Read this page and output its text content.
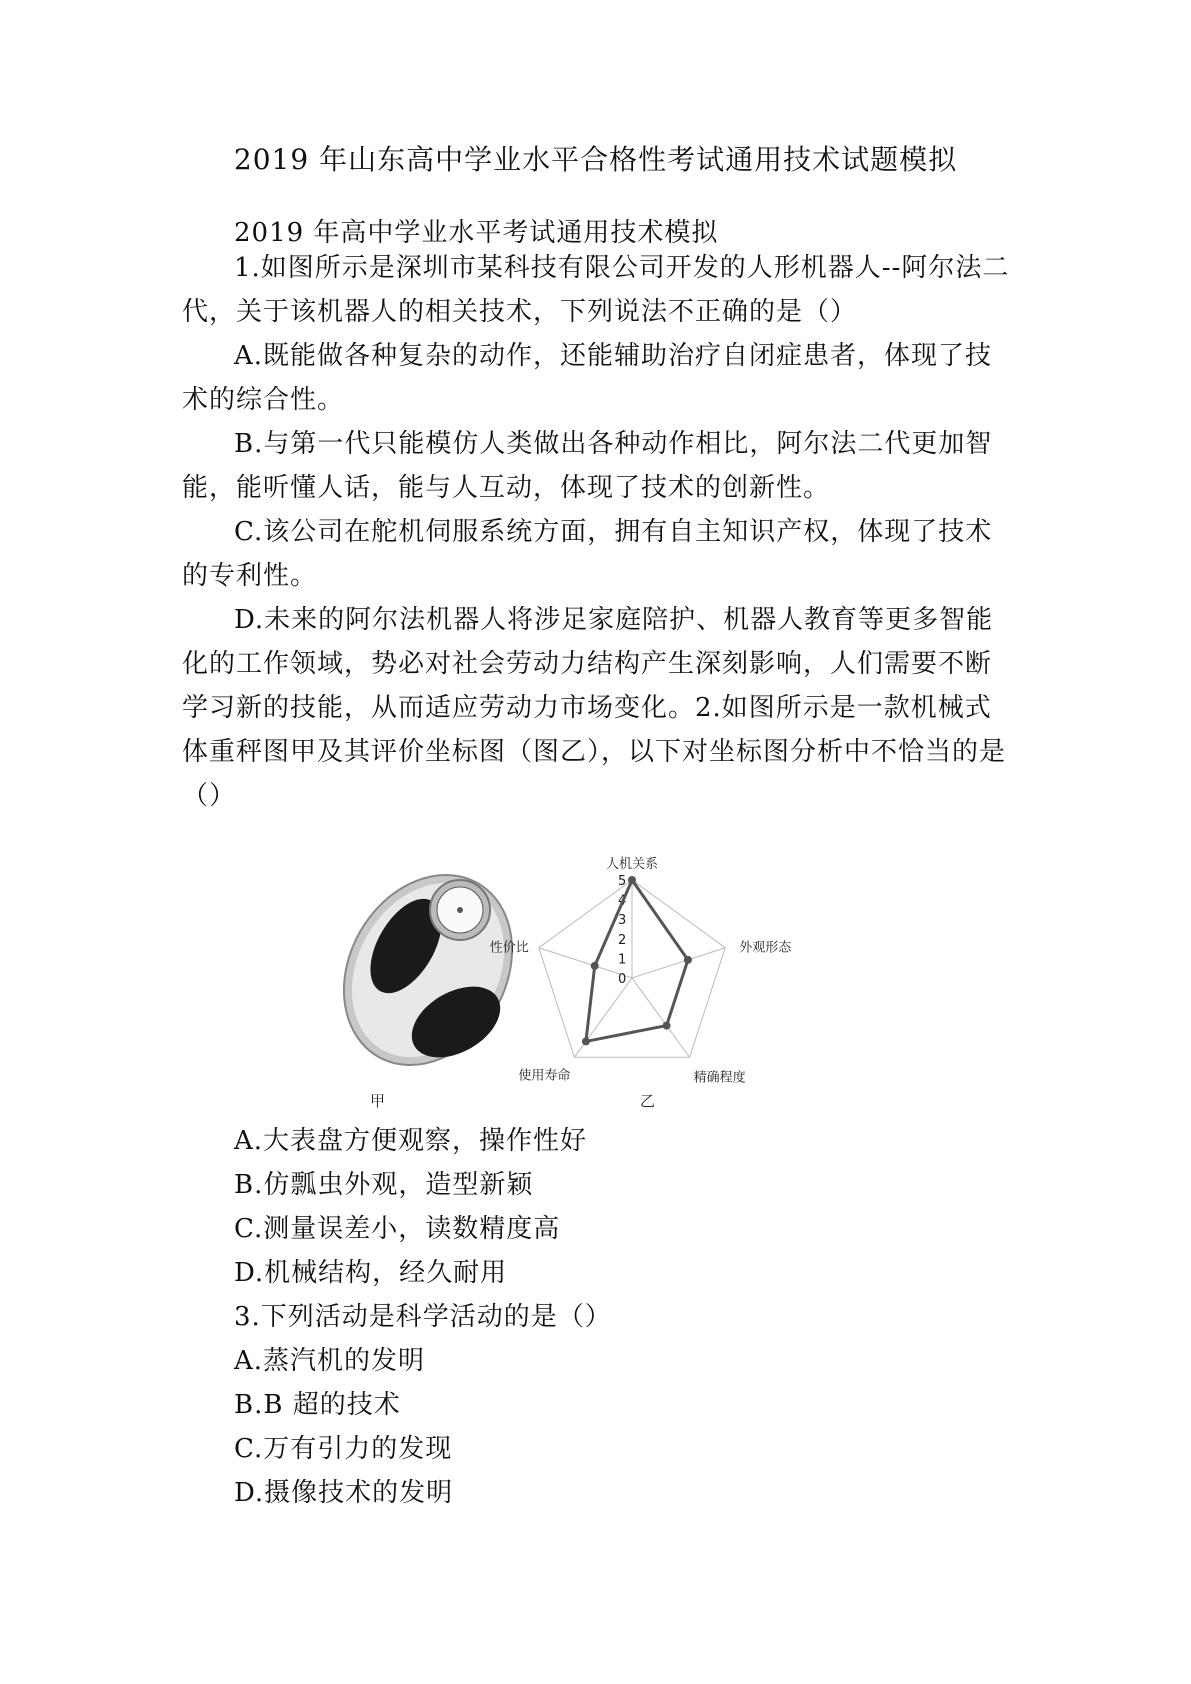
2019 年山东高中学业水平合格性考试通用技术试题模拟

2019 年高中学业水平考试通用技术模拟

1.如图所示是深圳市某科技有限公司开发的人形机器人--阿尔法二代，关于该机器人的相关技术，下列说法不正确的是（）

A.既能做各种复杂的动作，还能辅助治疗自闭症患者，体现了技术的综合性。

B.与第一代只能模仿人类做出各种动作相比，阿尔法二代更加智能，能听懂人话，能与人互动，体现了技术的创新性。

C.该公司在舵机伺服系统方面，拥有自主知识产权，体现了技术的专利性。

D.未来的阿尔法机器人将涉足家庭陪护、机器人教育等更多智能化的工作领域，势必对社会劳动力结构产生深刻影响，人们需要不断学习新的技能，从而适应劳动力市场变化。2.如图所示是一款机械式体重秤图甲及其评价坐标图（图乙），以下对坐标图分析中不恰当的是（）

甲
5
4
3
2
1
0
人机关系
外观形态
精确程度
使用寿命
性价比
乙

A.大表盘方便观察，操作性好

B.仿瓢虫外观，造型新颖

C.测量误差小，读数精度高

D.机械结构，经久耐用

3.下列活动是科学活动的是（）

A.蒸汽机的发明

B.B 超的技术

C.万有引力的发现

D.摄像技术的发明
